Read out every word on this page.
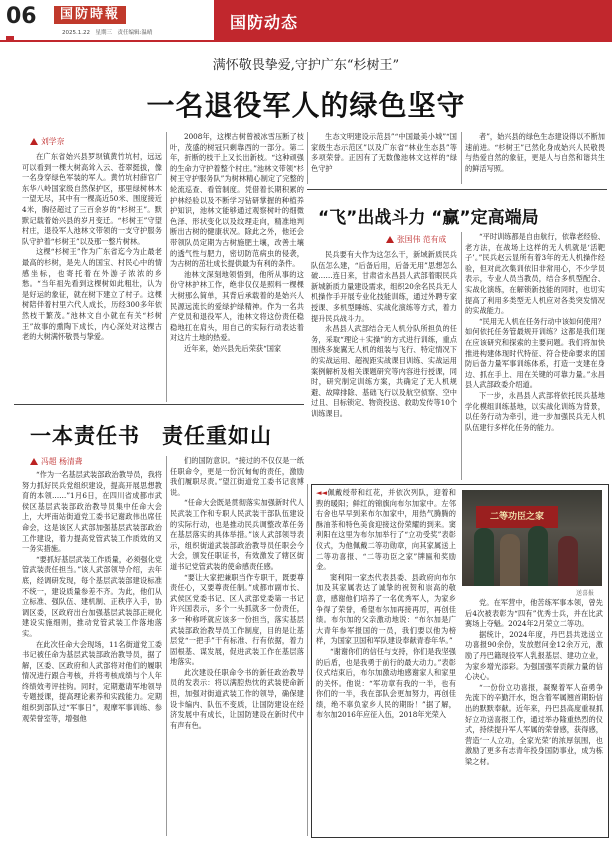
06	国防時報
2025.1.22　星期三　责任编辑:温晴
国防动态
满怀敬畏挚爱,守护广东“杉树王”
一名退役军人的绿色坚守
刘学奈

在广东省始兴县罗坝镇黄竹坑村，远远可以看到一棵大树高耸入云、苍翠挺拔，像一名身穿绿色军装的军人。黄竹坑村薛官广东华八岭国家级自然保护区，那里绿树林木一望无尽，其中有一棵高近50米、围度接近4米，胸径超过了三百余岁的“杉树王”。默默记载着始兴县的岁月变迁。“杉树王”守望村庄，退役军人池林文带领的一支守护服务队守护着“杉树王”以及那一整片树林。

这棵“杉树王”作为广东省迄今为止最老最高的杉树，是先人的国宝、村民心中的情感坐标，也寄托着在外游子浓浓的乡愁。“当年祖先看到这棵树如此粗壮，认为是好运的象征，就在树下建立了村子。这棵树陪伴着村里六代人成长，历经300多年依然枝干繁茂。”池林文自小就在有关“杉树王”故事的熏陶下成长，内心深处对这棵古老的大树满怀敬畏与挚爱。

2008年，这棵古树曾被冰雪压断了枝叶，茂盛的树冠只剩靠西的一部分。第二年，折断的枝干上又长出新枝。“这种顽强的生命力守护着整个村庄。”池林文带领“杉树王守护服务队”为树林精心制定了完整的轮流巡查、看管制度。凭借着长期积累的护林经验以及不断学习钻研掌握的种植养护知识，池林文能够通过观察树叶的细微色泽、形状变化以及纹理走向，精准地判断出古树的健康状况。除此之外，他还会带领队员定期为古树施肥土壤，改善土壤的透气性与肥力，密切防范病虫的侵袭，为古树的茁壮成长提供最为有利的条件。

池林文深刻地领悟到，他所从事的这份守林护林工作，绝非仅仅是照料一棵棵大树那么简单，其背后承载着的是始兴人民源远流长的爱绿护绿精神。作为一名共产党员和退役军人，池林文将这份责任稳稳地扛在肩头，用自己的实际行动表达着对这片土地的热爱。

近年来，始兴县先后荣获“国家

生态文明建设示范县”“中国最美小城”“国家级生态示范区”以及广东省“林业生态县”等多项荣誉。正因有了无数像池林文这样的“绿色守护

者”，始兴县的绿色生态建设得以不断加速前进。“杉树王”已然化身成始兴人民敬畏与热爱自然的象征，更是人与自然和谐共生的鲜活写照。

“飞”出战斗力 “赢”定高端局
张国伟 范有成

民兵要有大作为这怎么干，新域新质民兵队伍怎么建，“后备后用，后备无用”思想怎么破……连日来，甘肃省永昌县人武部着眼民兵新城新质力量建设需求，组织20余名民兵无人机操作手开展专业化技能训练，通过外聘专家授课、多机型睡练、实战化演练等方式，着力提升民兵战斗力。

永昌县人武部结合无人机分队所担负的任务，采取“理论＋实操”的方式进行训练，重点围绕多旋翼无人机的组装与飞行、特定情况下的实战运用、超视距实战课目训练、实战运用案例解析及相关课题研究等内容进行授课，同时，研究制定训练方案，共确定了无人机规避、故障排除、基础飞行以及航空侦察、空中过且、目标锁定、物资投送、救助发传等10个训练课目。

“平时训练都是自由航行，依靠老经验、老方法，在战场上这样的无人机就是‘活靶子’。”民兵赵云显所有着3年的无人机操作经验，但对此次集训依旧非常用心，不少学员表示，专业人员当教员，结合多机型配合、实战化演练，在解锁新技能的同时，也切实提高了利用多类型无人机应对各类突发情况的实战能力。

“民用无人机在任务行动中该如何使用？如何依托任务管最规开训练？这都是我们现在应该研究和探索的主要问题。我们将加快推进构建体现时代特征、符合使命要求的国防后备力量军事训练体系，打造一支建在身边、抓在手上、用在关键的可靠力量。”永昌县人武部政委介绍道。

下一步，永昌县人武部将依托民兵基地学化模组训练基地，以实战化训练为背景，以任务行动为牵引，进一步加强民兵无人机队伍建行多样化任务的能力。

一本责任书　责任重如山
冯超 杨清聋

“作为一名基层武装部政治教导员，我将努力抓好民兵党组织建设，提高开展思想教育的本领……”1月6日，在四川省成都市武侯区基层武装部政治教导员集中任命大会上，大坪南站街道党工委书记谢政伟出席任命会，这是该区人武部加强基层武装部政治工作建设，着力提高党管武装工作质效的又一务实措施。

“要抓好基层武装工作质量，必须强化党管武装责任担当。”该人武部领导介绍，去年底，经调研发现，每个基层武装部建设标准不统一，建设质量参差不齐。为此，他们从立标准、强队伍、建机制、正秩序入手，协调区委，区政府出台加强基层武装部正规化建设实施细则，推动党管武装工作落地落实。

在此次任命大会现场，11名街道党工委书记被任命为基层武装部政治教导员，据了解，区委、区政府和人武部将对他们的履职情况进行跟合考核，并将考核成绩与个人年终绩效考评挂钩。同时，定期邀请军地领导专题授课，提高理论素养和实践能力。定期组织到部队过“军事日”，观摩军事训练、参观荣誉室等，增强他

们的国防意识。“接过的不仅仅是一纸任职命令，更是一份沉甸甸的责任，激励我们履职尽责。”望江街道党工委书记袁博说。

“任命大会既是贯彻落实加强新时代人民武装工作和专职人民武装干部队伍建设的实际行动，也是推动民兵调整改革任务在基层落实的具体举措。”该人武部领导表示，组织街道武装部政治教导员任职会今大会，颁发任职证书，有效激发了辖区街道书记党管武装的使命感责任感。

“要让大家把兼职当作专职干，既要尊责任心，又要尊责任制。”成都市副市长、武侯区党委书记、区人武部党委第一书记许兴国表示，多个一头抓就多一份责任，多一种称呼就应该多一份担当，落实基层武装部政治教导员工作制度，目的是让基层党“一把手”干有标准、行有依据，着力固根基、谋发展，促进武装工作在基层落地落实。

此次建设任职命令书的新任政治教导员的发表示：将以满腔热忱的武装使命新担，加强对街道武装工作的领导，确保建设卡编内、队伍不变质，让国防建设在经济发展中有成长，让国防建设在新时代中有声有色。

◄◄佩戴绶带和红花，并依次列队，迎着和煦的暖阳；鲜红的锦旗向布尔加家中。左邻右舍也早早到来布尔加家中，用热气腾腾的酥油茶和特色美食迎接这份荣耀的到来。窦利阳在这里为布尔加举行了“立功受奖”表彰仪式，为他佩戴二等功勋章，向其家属送上二等功喜报、“二等功臣之家”牌匾和奖励金。

窦利阳一家杰代表县委、县政府向布尔加及其家属表达了诚挚的祝贺和崇高的敬意，感谢他们培养了一名优秀军人，为家乡争得了荣誉，希望布尔加再接再厉，再创佳绩。布尔加的父亲激动地说：“布尔加是广大青年参军报国的一员，我们要以他为榜样，为国家卫国和军队建设奉献青春年华。”

“谢谢你们的信任与支持，你们是我坚强的后盾，也是我勇于前行的最大动力。”表彰仪式结束后，布尔加激动地感谢家人和家里的关怀。他说：“军功章有我的一半，也有你们的一半，我在部队会更加努力，再创佳绩，绝不辜负家乡人民的期盼！”据了解，布尔加2016年应征入伍，2018年光荣入

二等功臣之家
送喜报

党。在军营中，他苦练军事本领，曾先后4次被表彰为“四有”优秀士兵，并在比武赛场上夺魁。2024年2月荣立二等功。

据统计，2024年度，丹巴县共选送立功喜报90余份，发放慰问金12余万元，激励了丹巴籍现役军人乳报基层、建功立业，为家乡增光添彩。为强国强军贡献力量的信心决心。

“一份份立功喜报，凝聚着军人奋勇争先流下的辛勤汗水，饱含着军属翘首期盼信出的默默奉献。近年来，丹巴县高度重视抓好立功送喜报工作，通过举办隆重热烈的仪式，持续提升军人军属的荣誉感，获得感，营造‘一人立功，全家光荣’的浓厚氛围，也激励了更多有志青年投身国防事业，成为栋梁之材。
